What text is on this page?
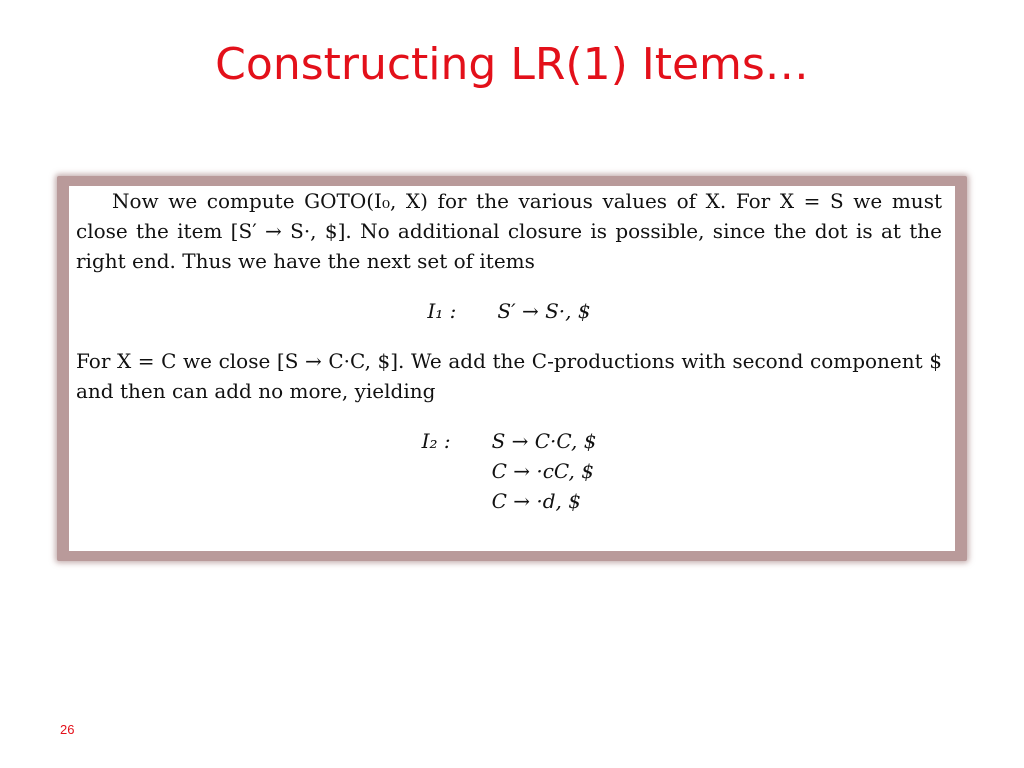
Constructing LR(1) Items…

Now we compute GOTO(I₀, X) for the various values of X. For X = S we must close the item [S′ → S·, $]. No additional closure is possible, since the dot is at the right end. Thus we have the next set of items

I₁ : S′ → S·, $

For X = C we close [S → C·C, $]. We add the C-productions with second component $ and then can add no more, yielding

I₂ : S → C·C, $
C → ·cC, $
C → ·d, $
26
